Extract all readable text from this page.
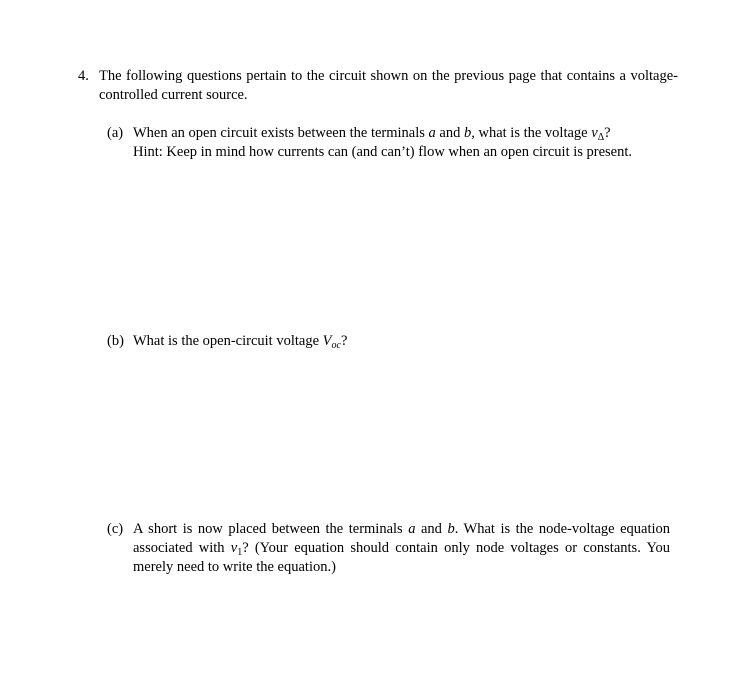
4. The following questions pertain to the circuit shown on the previous page that contains a voltage-controlled current source.
(a) When an open circuit exists between the terminals a and b, what is the voltage $v_\Delta$?
Hint: Keep in mind how currents can (and can’t) flow when an open circuit is present.
(b) What is the open-circuit voltage $V_{oc}$?
(c) A short is now placed between the terminals a and b. What is the node-voltage equation associated with $v_1$? (Your equation should contain only node voltages or constants. You merely need to write the equation.)
